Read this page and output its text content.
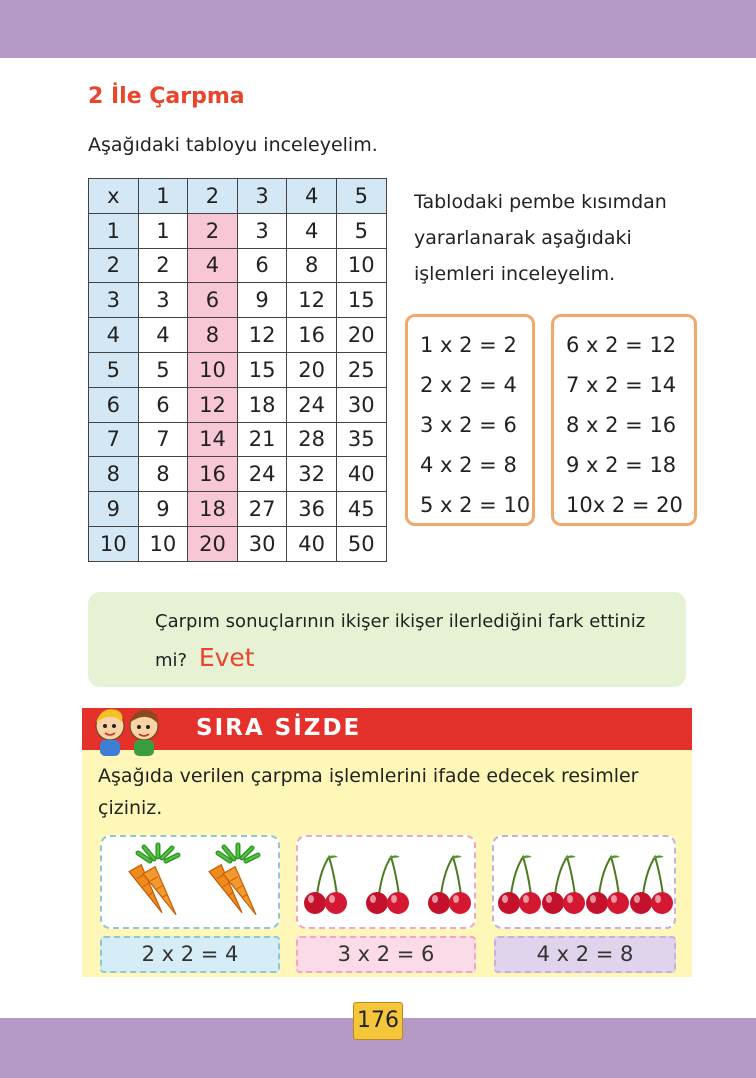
2 İle Çarpma
Aşağıdaki tabloyu inceleyelim.
x	1	2	3	4	5
1	1	2	3	4	5
2	2	4	6	8	10
3	3	6	9	12	15
4	4	8	12	16	20
5	5	10	15	20	25
6	6	12	18	24	30
7	7	14	21	28	35
8	8	16	24	32	40
9	9	18	27	36	45
10	10	20	30	40	50
Tablodaki pembe kısımdan yararlanarak aşağıdaki işlemleri inceleyelim.
1 x 2 = 2
2 x 2 = 4
3 x 2 = 6
4 x 2 = 8
5 x 2 = 10
6 x 2 = 12
7 x 2 = 14
8 x 2 = 16
9 x 2 = 18
10x 2 = 20
Çarpım sonuçlarının ikişer ikişer ilerlediğini fark ettiniz mi? Evet
SIRA SİZDE
Aşağıda verilen çarpma işlemlerini ifade edecek resimler çiziniz.
2 x 2 = 4	3 x 2 = 6	4 x 2 = 8
176
